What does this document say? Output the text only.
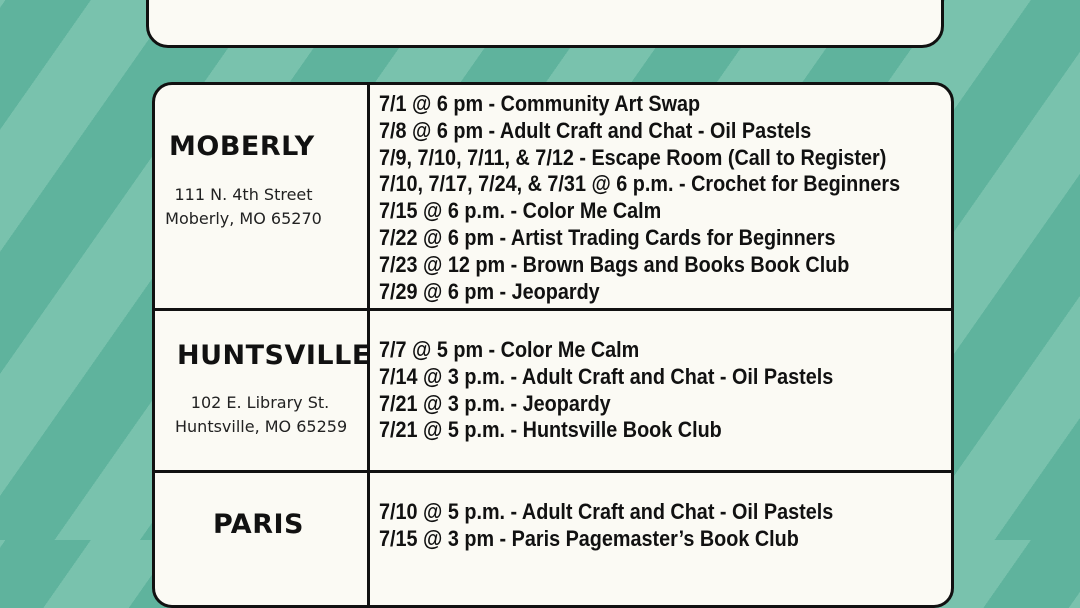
MOBERLY
111 N. 4th Street
Moberly, MO 65270
7/1 @ 6 pm - Community Art Swap
7/8 @ 6 pm - Adult Craft and Chat - Oil Pastels
7/9, 7/10, 7/11, & 7/12 - Escape Room (Call to Register)
7/10, 7/17, 7/24, & 7/31 @ 6 p.m. - Crochet for Beginners
7/15 @ 6 p.m. - Color Me Calm
7/22 @ 6 pm - Artist Trading Cards for Beginners
7/23 @ 12 pm - Brown Bags and Books Book Club
7/29 @ 6 pm - Jeopardy
HUNTSVILLE
102 E. Library St.
Huntsville, MO 65259
7/7 @ 5 pm - Color Me Calm
7/14 @ 3 p.m. - Adult Craft and Chat - Oil Pastels
7/21 @ 3 p.m. - Jeopardy
7/21 @ 5 p.m. - Huntsville Book Club
PARIS	7/10 @ 5 p.m. - Adult Craft and Chat - Oil Pastels
7/15 @ 3 pm - Paris Pagemaster’s Book Club
